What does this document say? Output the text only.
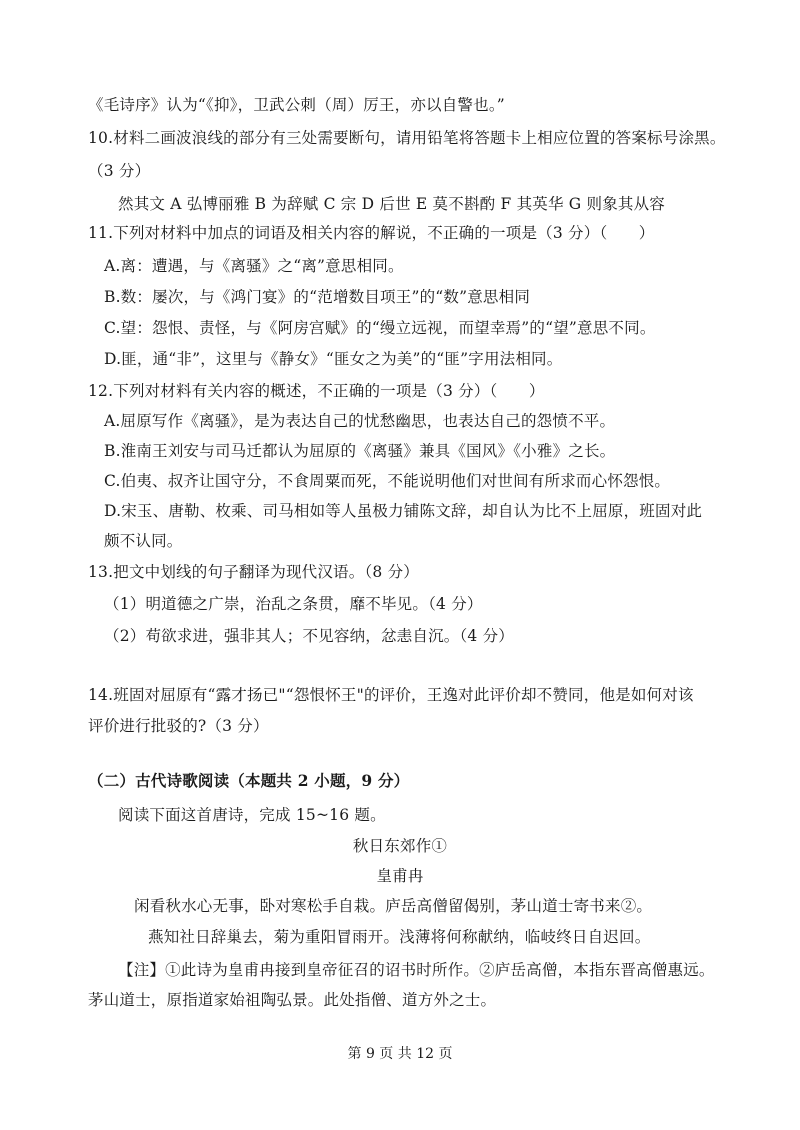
《毛诗序》认为“《抑》，卫武公刺（周）厉王，亦以自警也。”
10.材料二画波浪线的部分有三处需要断句，请用铅笔将答题卡上相应位置的答案标号涂黑。
（3 分）
然其文 A 弘博丽雅 B 为辞赋 C 宗 D 后世 E 莫不斟酌 F 其英华 G 则象其从容
11.下列对材料中加点的词语及相关内容的解说，不正确的一项是（3 分）（　　）
A.离：遭遇，与《离骚》之“离”意思相同。
B.数：屡次，与《鸿门宴》的“范增数目项王”的“数”意思相同
C.望：怨恨、责怪，与《阿房宫赋》的“缦立远视，而望幸焉”的“望”意思不同。
D.匪，通“非”，这里与《静女》“匪女之为美”的“匪”字用法相同。
12.下列对材料有关内容的概述，不正确的一项是（3 分）（　　）
A.屈原写作《离骚》，是为表达自己的忧愁幽思，也表达自己的怨愤不平。
B.淮南王刘安与司马迁都认为屈原的《离骚》兼具《国风》《小雅》之长。
C.伯夷、叔齐让国守分，不食周粟而死，不能说明他们对世间有所求而心怀怨恨。
D.宋玉、唐勒、枚乘、司马相如等人虽极力铺陈文辞，却自认为比不上屈原，班固对此
颇不认同。
13.把文中划线的句子翻译为现代汉语。（8 分）
（1）明道德之广崇，治乱之条贯，靡不毕见。（4 分）
（2）苟欲求进，强非其人；不见容纳，忿恚自沉。（4 分）
14.班固对屈原有“露才扬已"“怨恨怀王"的评价，王逸对此评价却不赞同，他是如何对该
评价进行批驳的?（3 分）
（二）古代诗歌阅读（本题共 2 小题，9 分）
阅读下面这首唐诗，完成 15~16 题。
秋日东郊作①
皇甫冉
闲看秋水心无事，卧对寒松手自栽。庐岳高僧留偈别，茅山道士寄书来②。
燕知社日辞巢去，菊为重阳冒雨开。浅薄将何称献纳，临岐终日自迟回。
【注】①此诗为皇甫冉接到皇帝征召的诏书时所作。②庐岳高僧，本指东晋高僧惠远。
茅山道士，原指道家始祖陶弘景。此处指僧、道方外之士。
第 9 页 共 12 页
